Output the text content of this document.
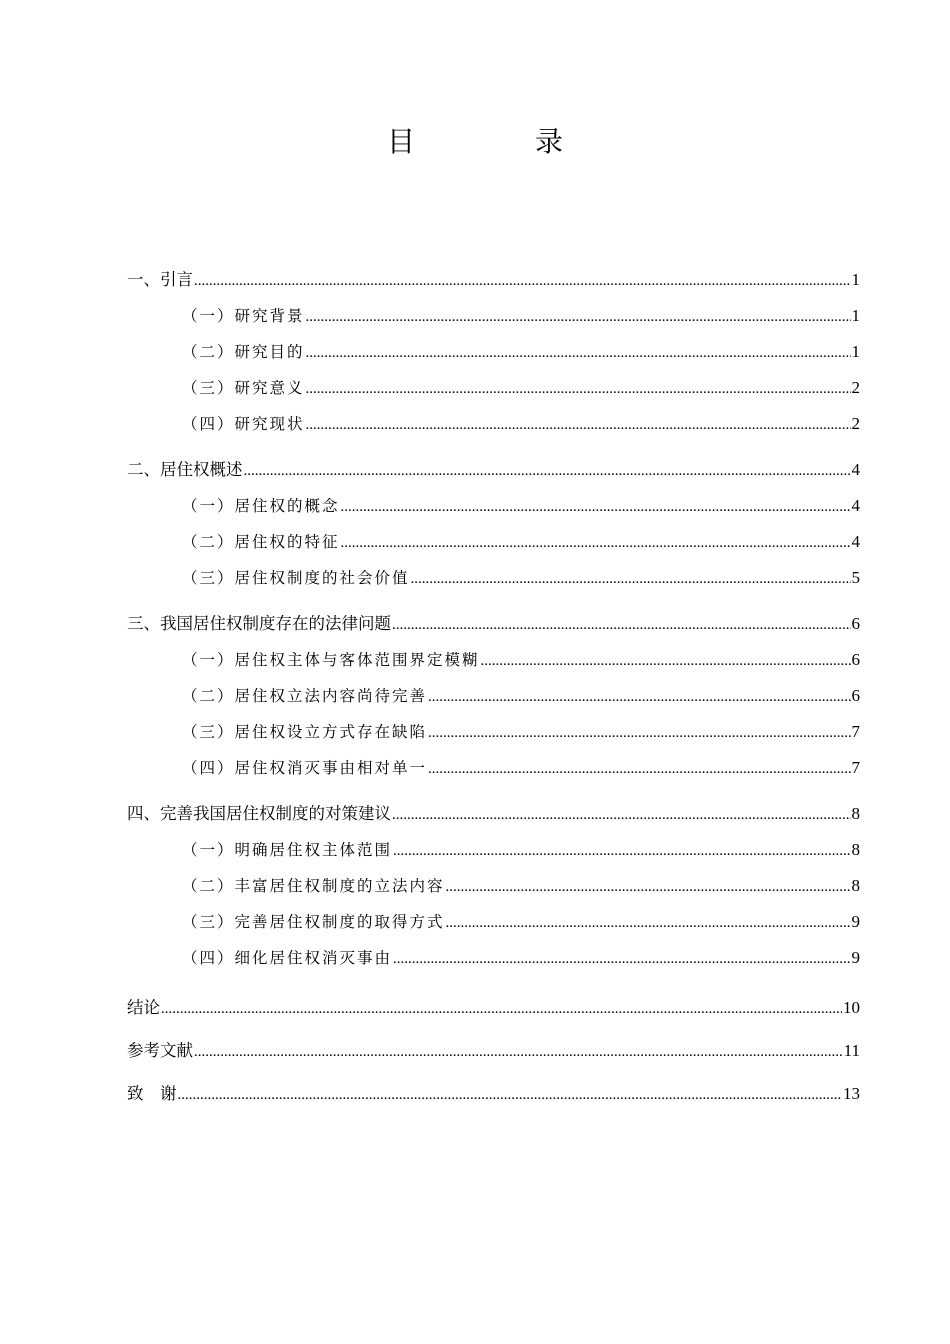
目　录
一、引言 .....	1
（一）研究背景 .....	1
（二）研究目的 .....	1
（三）研究意义 .....	2
（四）研究现状 .....	2
二、居住权概述 .....	4
（一）居住权的概念 .....	4
（二）居住权的特征 .....	4
（三）居住权制度的社会价值 .....	5
三、我国居住权制度存在的法律问题 .....	6
（一）居住权主体与客体范围界定模糊 .....	6
（二）居住权立法内容尚待完善 .....	6
（三）居住权设立方式存在缺陷 .....	7
（四）居住权消灭事由相对单一 .....	7
四、完善我国居住权制度的对策建议 .....	8
（一）明确居住权主体范围 .....	8
（二）丰富居住权制度的立法内容 .....	8
（三）完善居住权制度的取得方式 .....	9
（四）细化居住权消灭事由 .....	9
结论 .....	10
参考文献 .....	11
致　谢 .....	13
